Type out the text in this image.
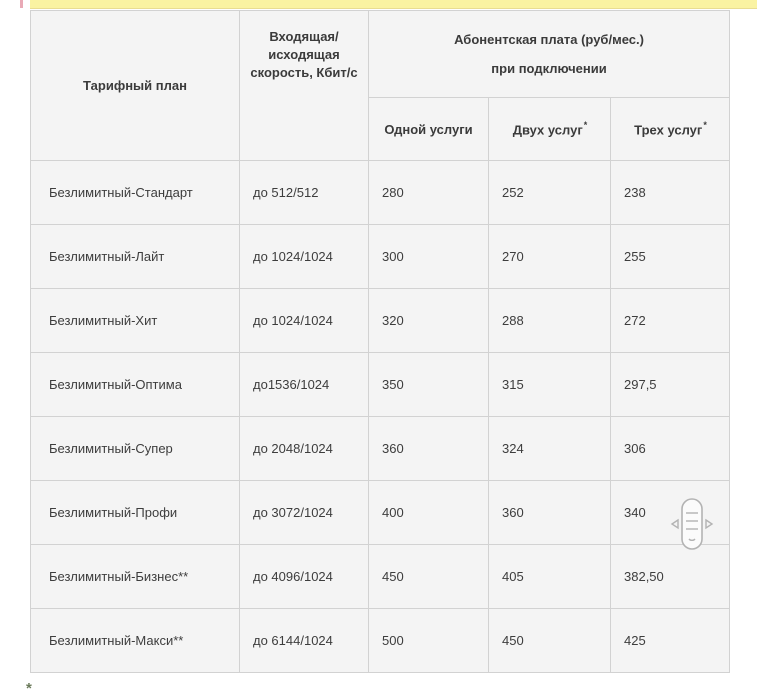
Тарифный план	
Входящая/
исходящая
скорость, Кбит/с

Абонентская плата (руб/мес.)
при подключении

		Одной услуги	Двух услуг*	Трех услуг*
Безлимитный-Стандарт	до 512/512	280	252	238
Безлимитный-Лайт	до 1024/1024	300	270	255
Безлимитный-Хит	до 1024/1024	320	288	272
Безлимитный-Оптима	до1536/1024	350	315	297,5
Безлимитный-Супер	до 2048/1024	360	324	306
Безлимитный-Профи	до 3072/1024	400	360	340
Безлимитный-Бизнес**	до 4096/1024	450	405	382,50
Безлимитный-Макси**	до 6144/1024	500	450	425
*
